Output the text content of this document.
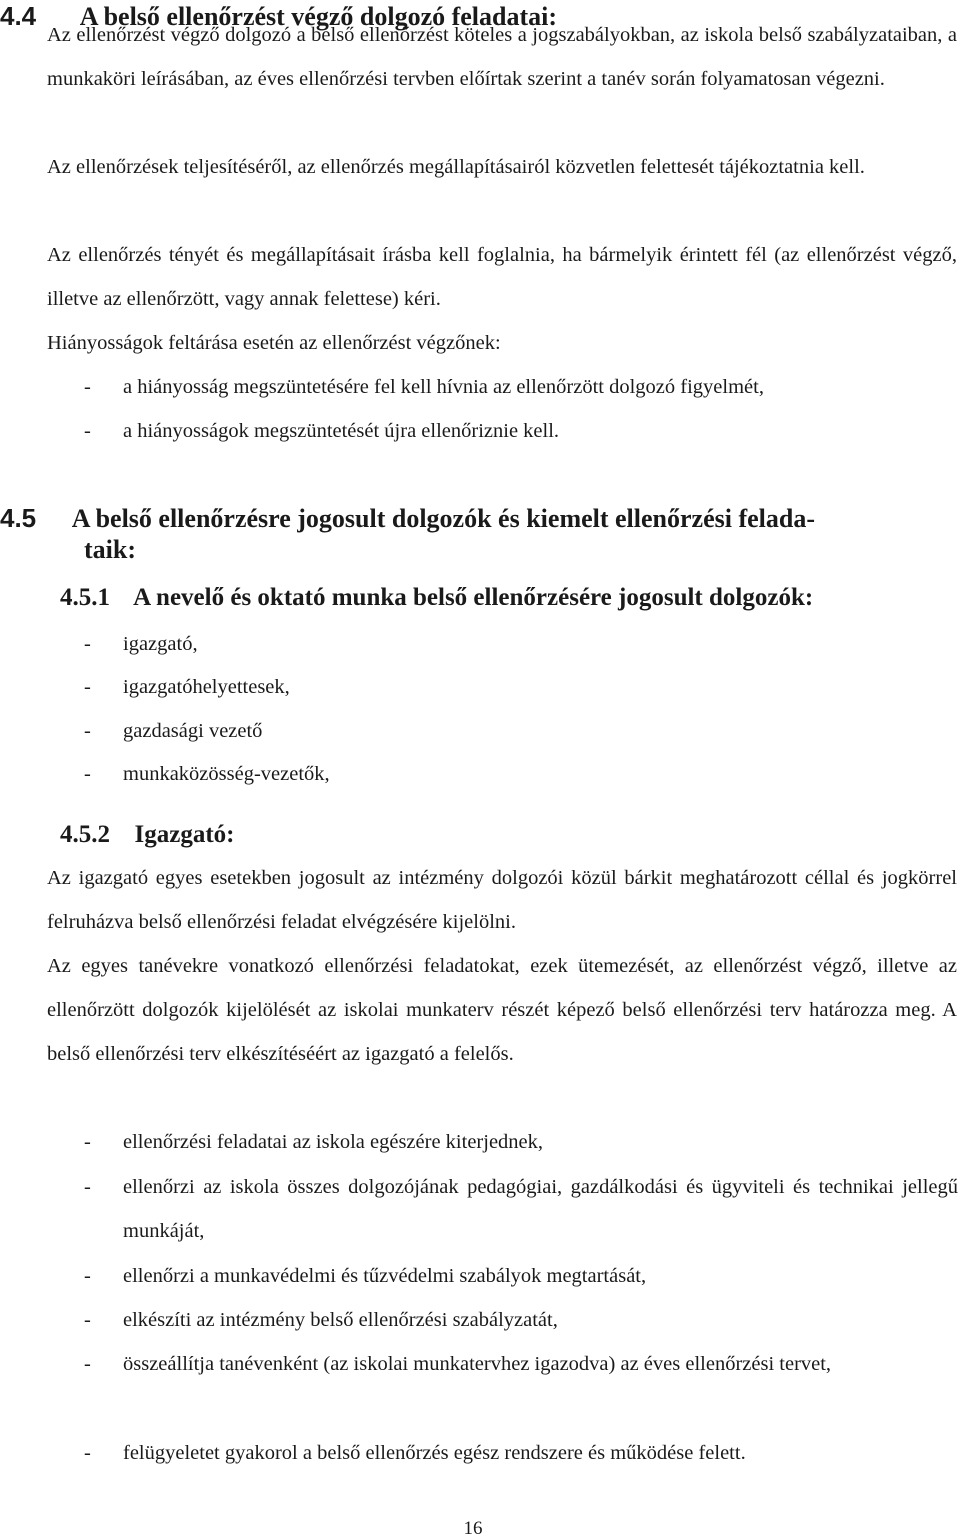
4.4 A belső ellenőrzést végző dolgozó feladatai:

Az ellenőrzést végző dolgozó a belső ellenőrzést köteles a jogszabályokban, az iskola belső szabályzataiban, a munkaköri leírásában, az éves ellenőrzési tervben előírtak szerint a tanév során folyamatosan végezni.

Az ellenőrzések teljesítéséről, az ellenőrzés megállapításairól közvetlen felettesét tájékoztatnia kell.

Az ellenőrzés tényét és megállapításait írásba kell foglalnia, ha bármelyik érintett fél (az ellenőrzést végző, illetve az ellenőrzött, vagy annak felettese) kéri.

Hiányosságok feltárása esetén az ellenőrzést végzőnek:

- a hiányosság megszüntetésére fel kell hívnia az ellenőrzött dolgozó figyelmét,
- a hiányosságok megszüntetését újra ellenőriznie kell.
4.5 A belső ellenőrzésre jogosult dolgozók és kiemelt ellenőrzési felada-
taik:
4.5.1 A nevelő és oktató munka belső ellenőrzésére jogosult dolgozók:
- igazgató,
- igazgatóhelyettesek,
- gazdasági vezető
- munkaközösség-vezetők,
4.5.2 Igazgató:

Az igazgató egyes esetekben jogosult az intézmény dolgozói közül bárkit meghatározott céllal és jogkörrel felruházva belső ellenőrzési feladat elvégzésére kijelölni.

Az egyes tanévekre vonatkozó ellenőrzési feladatokat, ezek ütemezését, az ellenőrzést végző, illetve az ellenőrzött dolgozók kijelölését az iskolai munkaterv részét képező belső ellenőrzési terv határozza meg. A belső ellenőrzési terv elkészítéséért az igazgató a felelős.

- ellenőrzési feladatai az iskola egészére kiterjednek,
- ellenőrzi az iskola összes dolgozójának pedagógiai, gazdálkodási és ügyviteli és technikai jellegű munkáját,
- ellenőrzi a munkavédelmi és tűzvédelmi szabályok megtartását,
- elkészíti az intézmény belső ellenőrzési szabályzatát,
- összeállítja tanévenként (az iskolai munkatervhez igazodva) az éves ellenőrzési tervet,
- felügyeletet gyakorol a belső ellenőrzés egész rendszere és működése felett.
16
